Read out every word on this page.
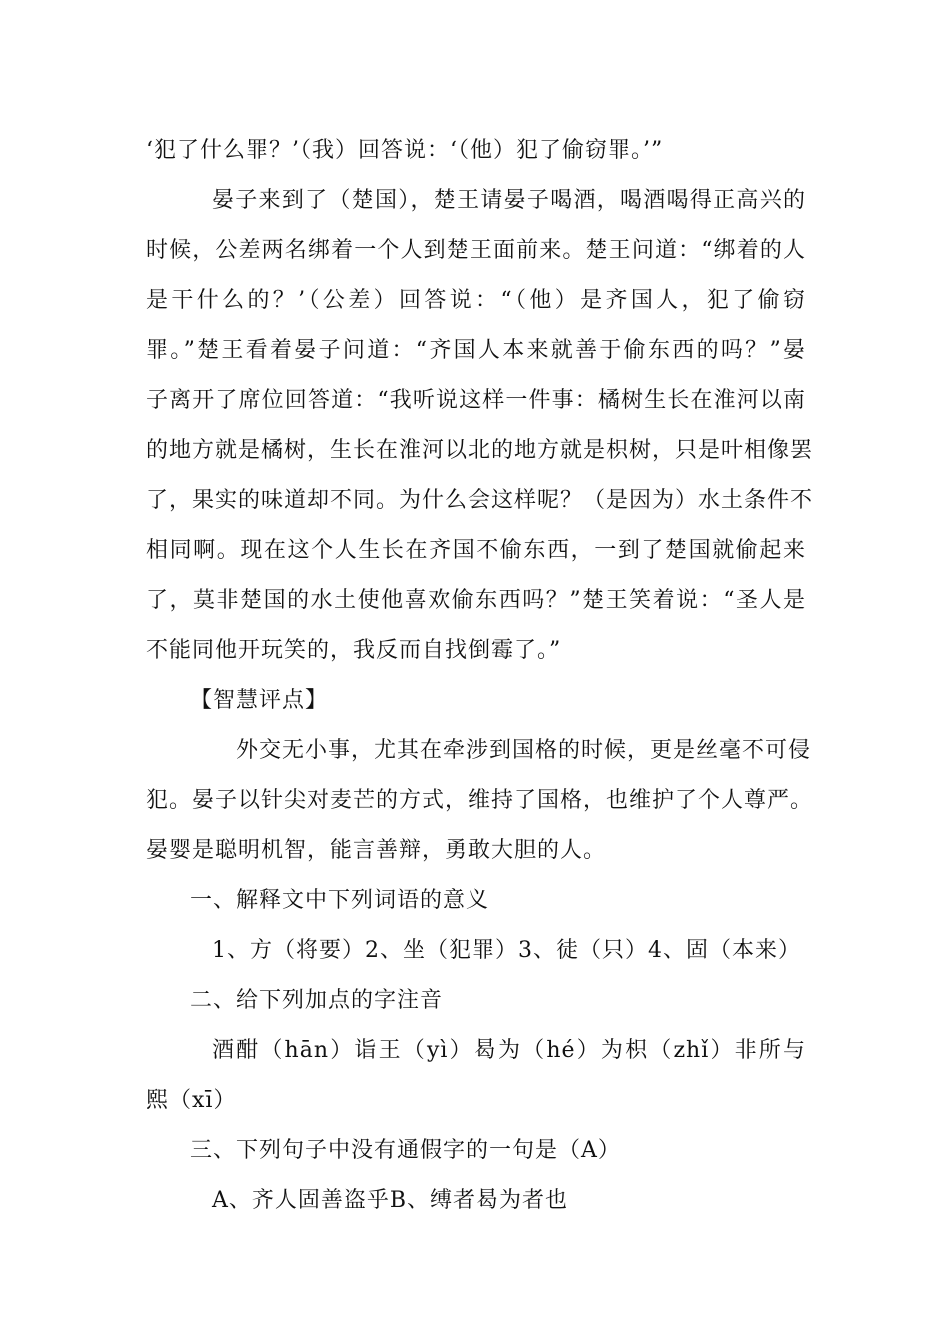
‘犯了什么罪？’（我）回答说：‘（他）犯了偷窃罪。’”
晏子来到了（楚国），楚王请晏子喝酒，喝酒喝得正高兴的
时候，公差两名绑着一个人到楚王面前来。楚王问道：“绑着的人
是干什么的？’（公差）回答说：“（他）是齐国人，犯了偷窃
罪。”楚王看着晏子问道：“齐国人本来就善于偷东西的吗？”晏
子离开了席位回答道：“我听说这样一件事：橘树生长在淮河以南
的地方就是橘树，生长在淮河以北的地方就是枳树，只是叶相像罢
了，果实的味道却不同。为什么会这样呢？（是因为）水土条件不
相同啊。现在这个人生长在齐国不偷东西，一到了楚国就偷起来
了，莫非楚国的水土使他喜欢偷东西吗？”楚王笑着说：“圣人是
不能同他开玩笑的，我反而自找倒霉了。”
【智慧评点】
外交无小事，尤其在牵涉到国格的时候，更是丝毫不可侵
犯。晏子以针尖对麦芒的方式，维持了国格，也维护了个人尊严。
晏婴是聪明机智，能言善辩，勇敢大胆的人。
一、解释文中下列词语的意义
1、方（将要）2、坐（犯罪）3、徒（只）4、固（本来）
二、给下列加点的字注音
酒酣（hān）诣王（yì）曷为（hé）为枳（zhǐ）非所与
熙（xī）
三、下列句子中没有通假字的一句是（A）
A、齐人固善盗乎B、缚者曷为者也
